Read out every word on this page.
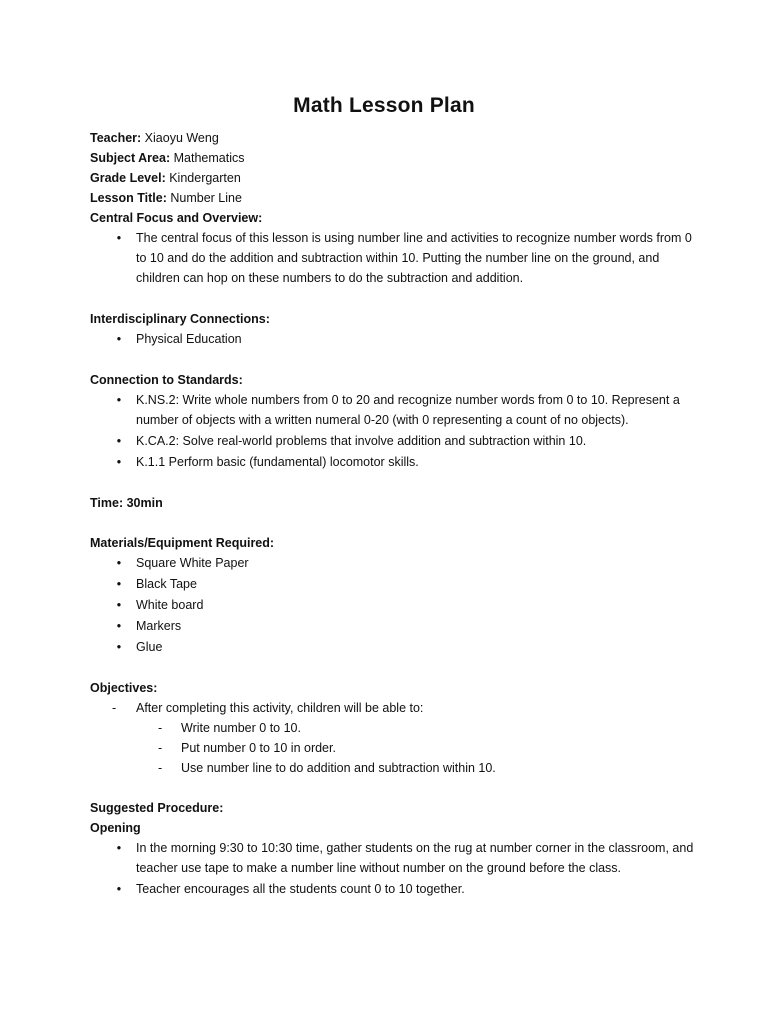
Math Lesson Plan
Teacher: Xiaoyu Weng
Subject Area: Mathematics
Grade Level: Kindergarten
Lesson Title: Number Line
Central Focus and Overview:
•	The central focus of this lesson is using number line and activities to recognize number words from 0 to 10 and do the addition and subtraction within 10. Putting the number line on the ground, and children can hop on these numbers to do the subtraction and addition.
Interdisciplinary Connections:
•	Physical Education
Connection to Standards:
•	K.NS.2: Write whole numbers from 0 to 20 and recognize number words from 0 to 10. Represent a number of objects with a written numeral 0-20 (with 0 representing a count of no objects).
•	K.CA.2: Solve real-world problems that involve addition and subtraction within 10.
•	K.1.1 Perform basic (fundamental) locomotor skills.
Time: 30min
Materials/Equipment Required:
•	Square White Paper
•	Black Tape
•	White board
•	Markers
•	Glue
Objectives:
- After completing this activity, children will be able to:
- Write number 0 to 10.
- Put number 0 to 10 in order.
- Use number line to do addition and subtraction within 10.
Suggested Procedure:
Opening
•	In the morning 9:30 to 10:30 time, gather students on the rug at number corner in the classroom, and teacher use tape to make a number line without number on the ground before the class.
•	Teacher encourages all the students count 0 to 10 together.
